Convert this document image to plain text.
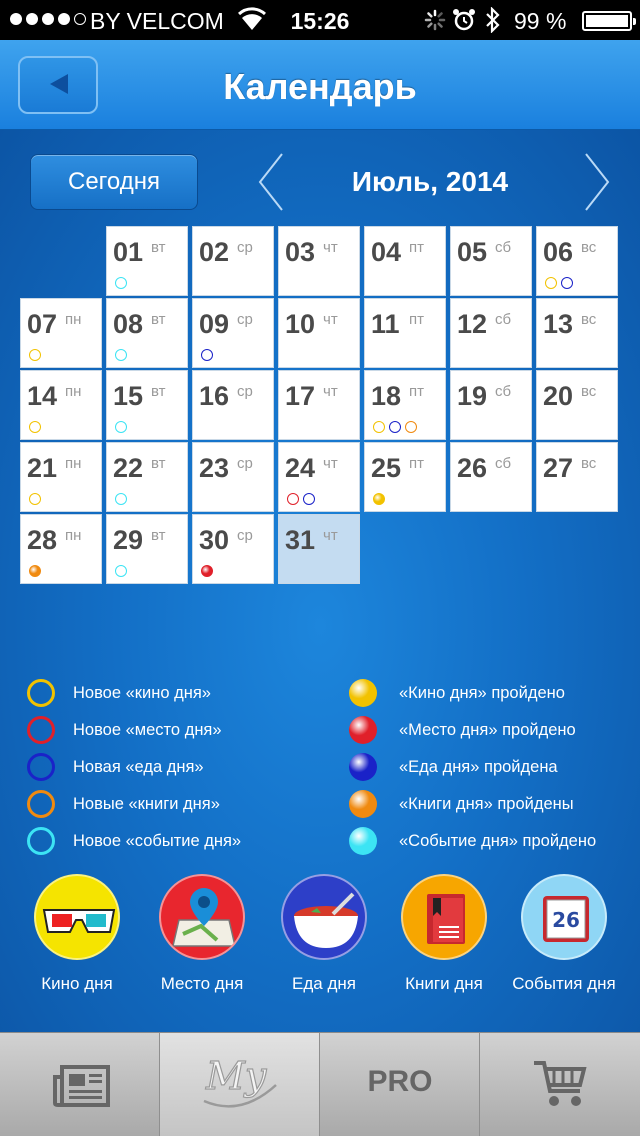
BY VELCOM	15:26	99 %
Календарь
Сегодня	Июль, 2014
01 вт 02 ср 03 чт 04 пт 05 сб 06 вс
07 пн 08 вт 09 ср 10 чт 11 пт 12 сб 13 вс
14 пн 15 вт 16 ср 17 чт 18 пт 19 сб 20 вс
21 пн 22 вт 23 ср 24 чт 25 пт 26 сб 27 вс
28 пн 29 вт 30 ср 31 чт
Новое «кино дня»
Новое «место дня»
Новая «еда дня»
Новые «книги дня»
Новое «событие дня»
«Кино дня» пройдено
«Место дня» пройдено
«Еда дня» пройдена
«Книги дня» пройдены
«Событие дня» пройдено
Кино дня	Место дня	Еда дня	Книги дня
26
События дня
My	PRO
